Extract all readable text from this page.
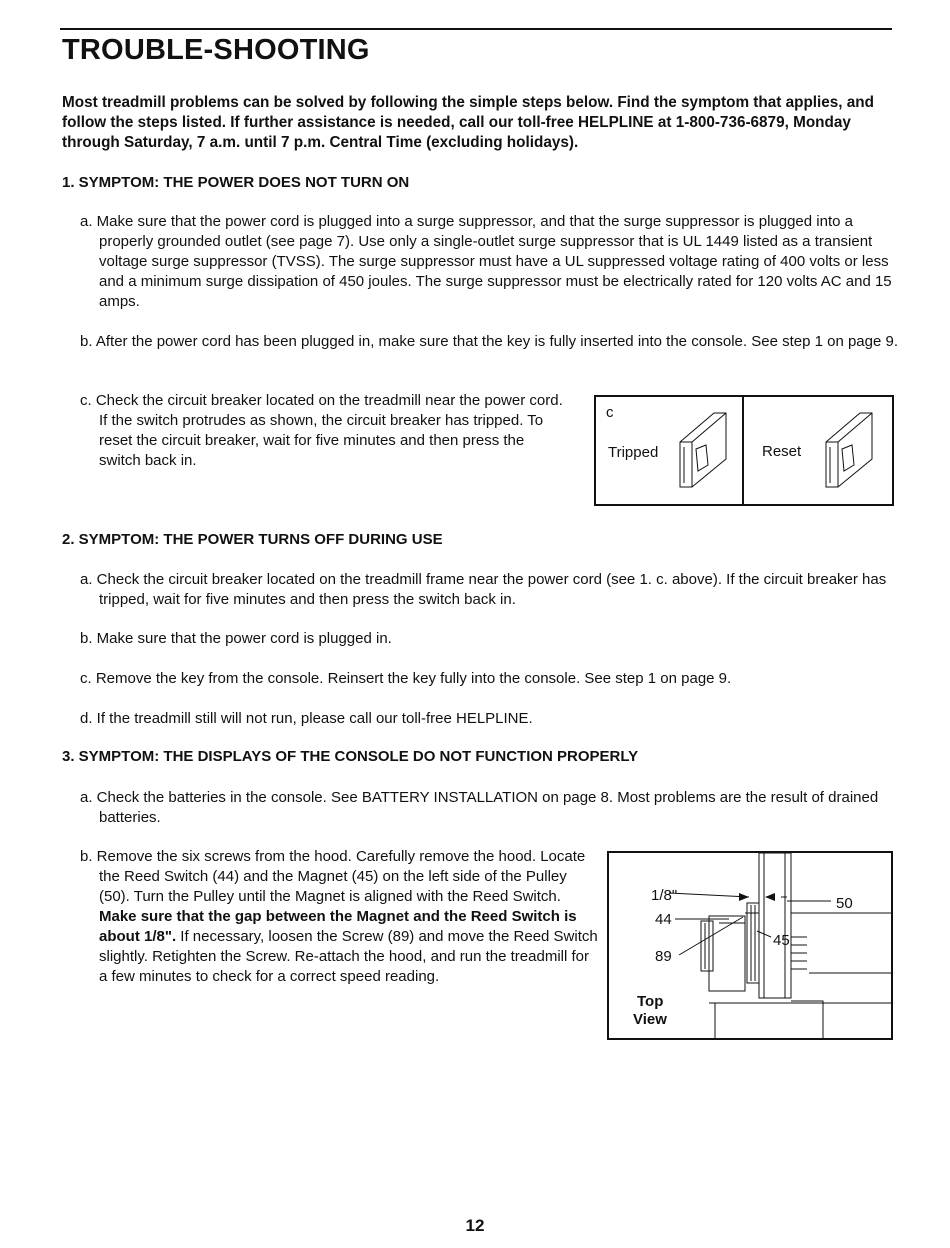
TROUBLE-SHOOTING

Most treadmill problems can be solved by following the simple steps below. Find the symptom that applies, and follow the steps listed. If further assistance is needed, call our toll-free HELPLINE at 1-800-736-6879, Monday through Saturday, 7 a.m. until 7 p.m. Central Time (excluding holidays).

1. SYMPTOM: THE POWER DOES NOT TURN ON

a. Make sure that the power cord is plugged into a surge suppressor, and that the surge suppressor is plugged into a properly grounded outlet (see page 7). Use only a single-outlet surge suppressor that is UL 1449 listed as a transient voltage surge suppressor (TVSS). The surge suppressor must have a UL suppressed voltage rating of 400 volts or less and a minimum surge dissipation of 450 joules. The surge suppressor must be electrically rated for 120 volts AC and 15 amps.

b. After the power cord has been plugged in, make sure that the key is fully inserted into the console. See step 1 on page 9.

c. Check the circuit breaker located on the treadmill near the power cord. If the switch protrudes as shown, the circuit breaker has tripped. To reset the circuit breaker, wait for five minutes and then press the switch back in.

c
Tripped	Reset

2. SYMPTOM: THE POWER TURNS OFF DURING USE

a. Check the circuit breaker located on the treadmill frame near the power cord (see 1. c. above). If the circuit breaker has tripped, wait for five minutes and then press the switch back in.

b. Make sure that the power cord is plugged in.

c. Remove the key from the console. Reinsert the key fully into the console. See step 1 on page 9.

d. If the treadmill still will not run, please call our toll-free HELPLINE.

3. SYMPTOM: THE DISPLAYS OF THE CONSOLE DO NOT FUNCTION PROPERLY

a. Check the batteries in the console. See BATTERY INSTALLATION on page 8. Most problems are the result of drained batteries.

b. Remove the six screws from the hood. Carefully remove the hood. Locate the Reed Switch (44) and the Magnet (45) on the left side of the Pulley (50). Turn the Pulley until the Magnet is aligned with the Reed Switch. Make sure that the gap between the Magnet and the Reed Switch is about 1/8". If necessary, loosen the Screw (89) and move the Reed Switch slightly. Retighten the Screw. Re-attach the hood, and run the treadmill for a few minutes to check for a correct speed reading.

1/8"
44
89
50
45
Top
View
12
